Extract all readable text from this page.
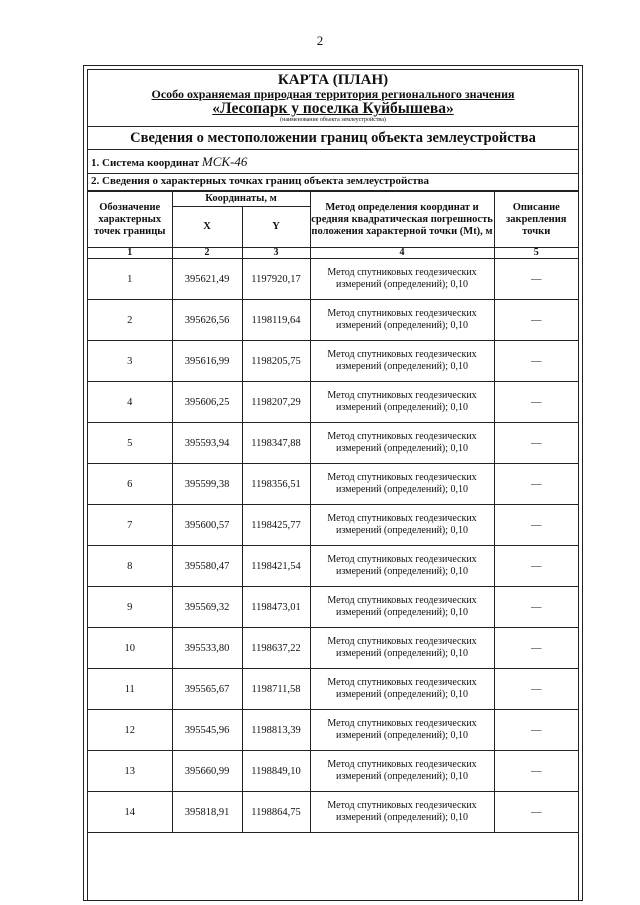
2
КАРТА (ПЛАН)
Особо охраняемая природная территория регионального значения
«Лесопарк у поселка Куйбышева»
(наименование объекта землеустройства)
Сведения о местоположении границ объекта землеустройства
1. Система координат МСК-46
2. Сведения о характерных точках границ объекта землеустройства
Обозначение характерных точек границы	Координаты, м		Метод определения координат и средняя квадратическая погрешность положения характерной точки (Mt), м	Описание закрепления точки
	X	Y		
1	2	3	4	5
1	395621,49	1197920,17	Метод спутниковых геодезических измерений (определений); 0,10	—
2	395626,56	1198119,64	Метод спутниковых геодезических измерений (определений); 0,10	—
3	395616,99	1198205,75	Метод спутниковых геодезических измерений (определений); 0,10	—
4	395606,25	1198207,29	Метод спутниковых геодезических измерений (определений); 0,10	—
5	395593,94	1198347,88	Метод спутниковых геодезических измерений (определений); 0,10	—
6	395599,38	1198356,51	Метод спутниковых геодезических измерений (определений); 0,10	—
7	395600,57	1198425,77	Метод спутниковых геодезических измерений (определений); 0,10	—
8	395580,47	1198421,54	Метод спутниковых геодезических измерений (определений); 0,10	—
9	395569,32	1198473,01	Метод спутниковых геодезических измерений (определений); 0,10	—
10	395533,80	1198637,22	Метод спутниковых геодезических измерений (определений); 0,10	—
11	395565,67	1198711,58	Метод спутниковых геодезических измерений (определений); 0,10	—
12	395545,96	1198813,39	Метод спутниковых геодезических измерений (определений); 0,10	—
13	395660,99	1198849,10	Метод спутниковых геодезических измерений (определений); 0,10	—
14	395818,91	1198864,75	Метод спутниковых геодезических измерений (определений); 0,10	—
